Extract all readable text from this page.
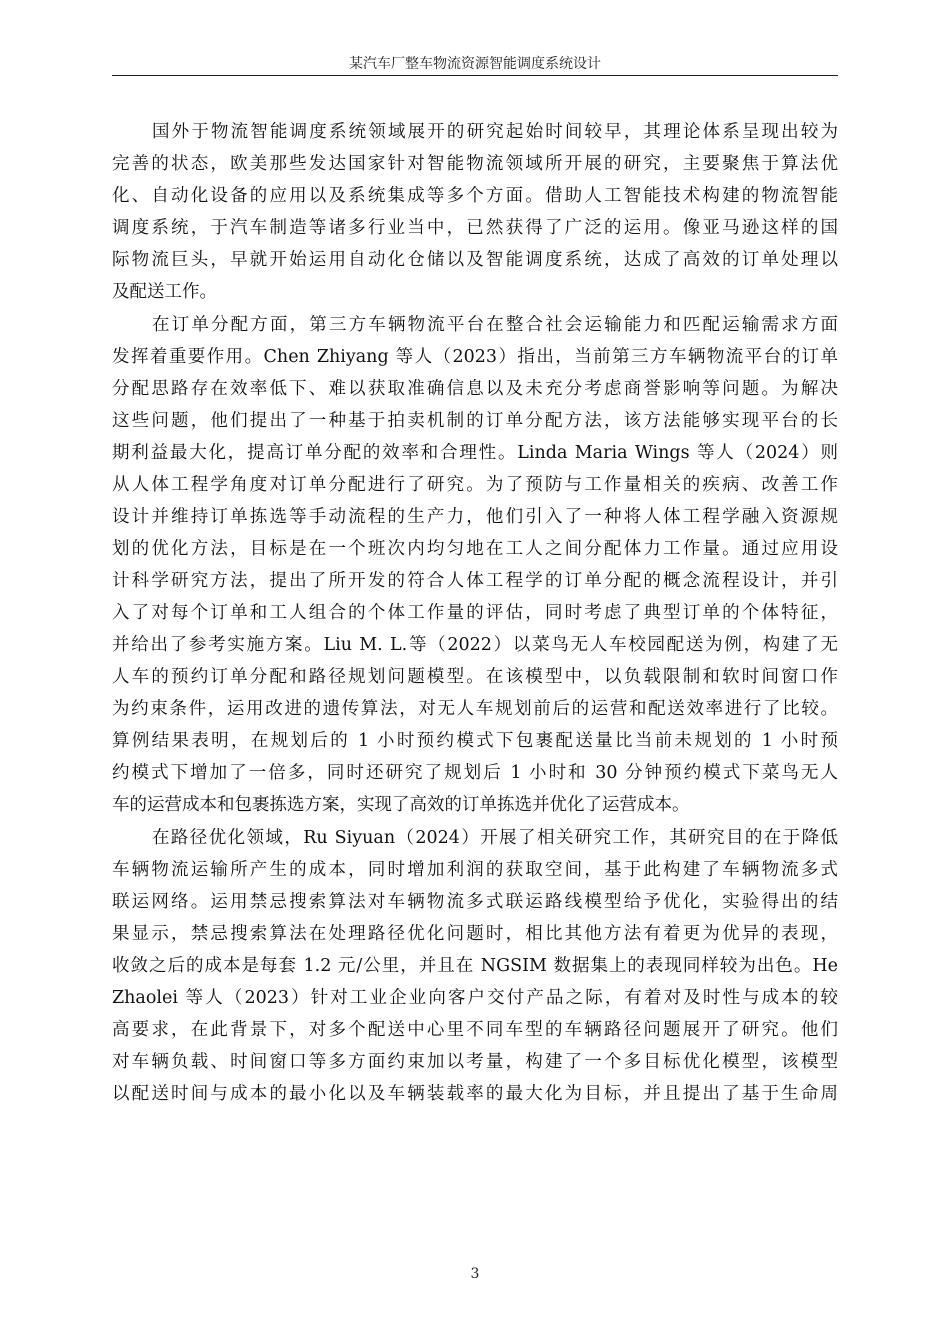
某汽车厂整车物流资源智能调度系统设计
国外于物流智能调度系统领域展开的研究起始时间较早，其理论体系呈现出较为
完善的状态，欧美那些发达国家针对智能物流领域所开展的研究，主要聚焦于算法优
化、自动化设备的应用以及系统集成等多个方面。借助人工智能技术构建的物流智能
调度系统，于汽车制造等诸多行业当中，已然获得了广泛的运用。像亚马逊这样的国
际物流巨头，早就开始运用自动化仓储以及智能调度系统，达成了高效的订单处理以
及配送工作。
在订单分配方面，第三方车辆物流平台在整合社会运输能力和匹配运输需求方面
发挥着重要作用。Chen Zhiyang 等人（2023）指出，当前第三方车辆物流平台的订单
分配思路存在效率低下、难以获取准确信息以及未充分考虑商誉影响等问题。为解决
这些问题，他们提出了一种基于拍卖机制的订单分配方法，该方法能够实现平台的长
期利益最大化，提高订单分配的效率和合理性。Linda Maria Wings 等人（2024）则
从人体工程学角度对订单分配进行了研究。为了预防与工作量相关的疾病、改善工作
设计并维持订单拣选等手动流程的生产力，他们引入了一种将人体工程学融入资源规
划的优化方法，目标是在一个班次内均匀地在工人之间分配体力工作量。通过应用设
计科学研究方法，提出了所开发的符合人体工程学的订单分配的概念流程设计，并引
入了对每个订单和工人组合的个体工作量的评估，同时考虑了典型订单的个体特征，
并给出了参考实施方案。Liu M. L.等（2022）以菜鸟无人车校园配送为例，构建了无
人车的预约订单分配和路径规划问题模型。在该模型中，以负载限制和软时间窗口作
为约束条件，运用改进的遗传算法，对无人车规划前后的运营和配送效率进行了比较。
算例结果表明，在规划后的 1 小时预约模式下包裹配送量比当前未规划的 1 小时预
约模式下增加了一倍多，同时还研究了规划后 1 小时和 30 分钟预约模式下菜鸟无人
车的运营成本和包裹拣选方案，实现了高效的订单拣选并优化了运营成本。
在路径优化领域，Ru Siyuan（2024）开展了相关研究工作，其研究目的在于降低
车辆物流运输所产生的成本，同时增加利润的获取空间，基于此构建了车辆物流多式
联运网络。运用禁忌搜索算法对车辆物流多式联运路线模型给予优化，实验得出的结
果显示，禁忌搜索算法在处理路径优化问题时，相比其他方法有着更为优异的表现，
收敛之后的成本是每套 1.2 元/公里，并且在 NGSIM 数据集上的表现同样较为出色。He
Zhaolei 等人（2023）针对工业企业向客户交付产品之际，有着对及时性与成本的较
高要求，在此背景下，对多个配送中心里不同车型的车辆路径问题展开了研究。他们
对车辆负载、时间窗口等多方面约束加以考量，构建了一个多目标优化模型，该模型
以配送时间与成本的最小化以及车辆装载率的最大化为目标，并且提出了基于生命周
3
